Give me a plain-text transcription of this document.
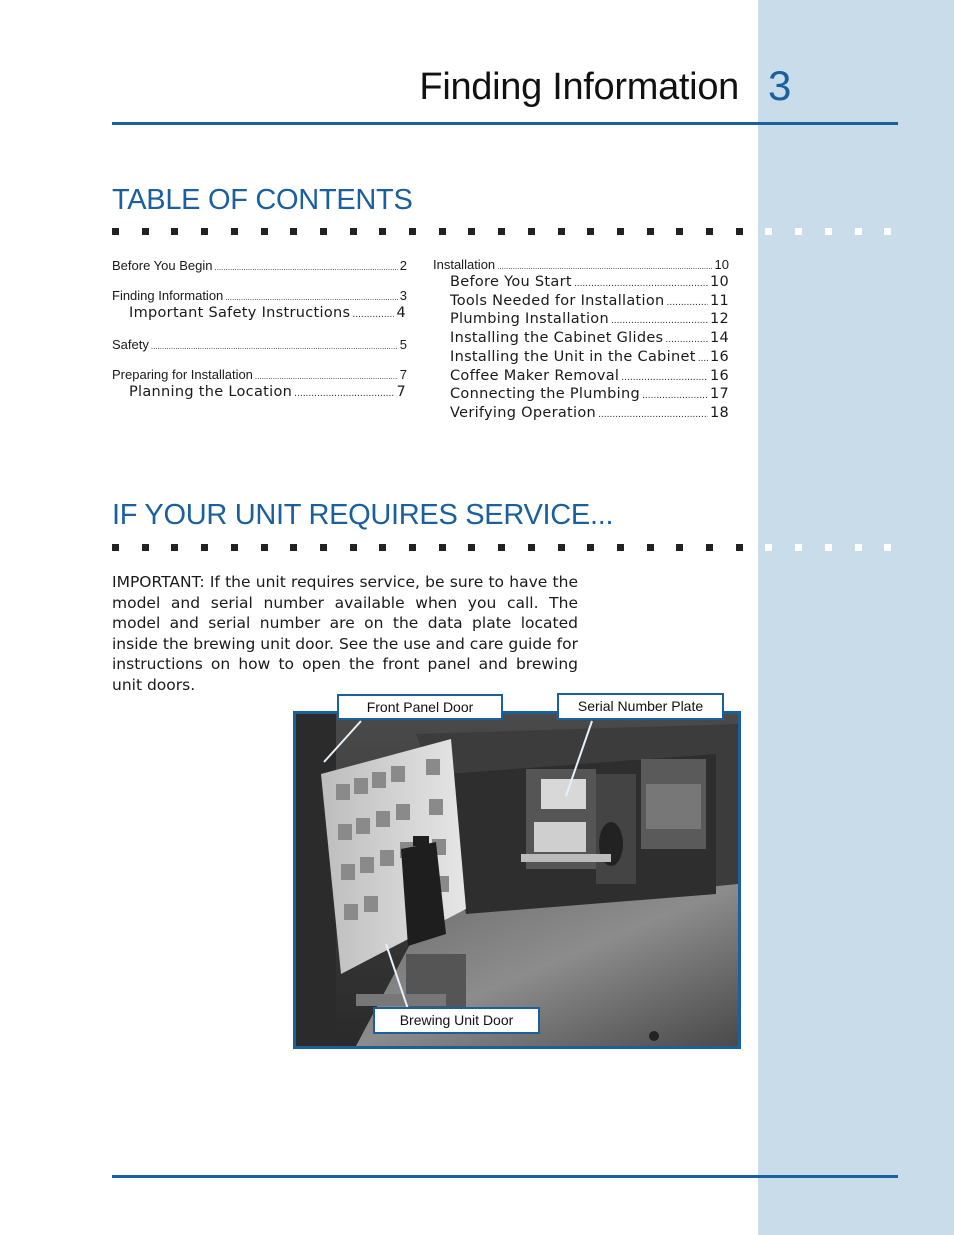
Finding Information 3
TABLE OF CONTENTS
Before You Begin .....	2
Finding Information .....	3
Important Safety Instructions .....	4
Safety .....	5
Preparing for Installation .....	7
Planning the Location .....	7
Installation .....	10
Before You Start .....	10
Tools Needed for Installation .....	11
Plumbing Installation .....	12
Installing the Cabinet Glides .....	14
Installing the Unit in the Cabinet ..... 16
Coffee Maker Removal .....	16
Connecting the Plumbing .....	17
Verifying Operation .....	18
IF YOUR UNIT REQUIRES SERVICE...

IMPORTANT: If the unit requires service, be sure to have the model and serial number available when you call. The model and serial number are on the data plate located inside the brewing unit door. See the use and care guide for instructions on how to open the front panel and brewing unit doors.

Front Panel Door	Serial Number Plate
Brewing Unit Door
